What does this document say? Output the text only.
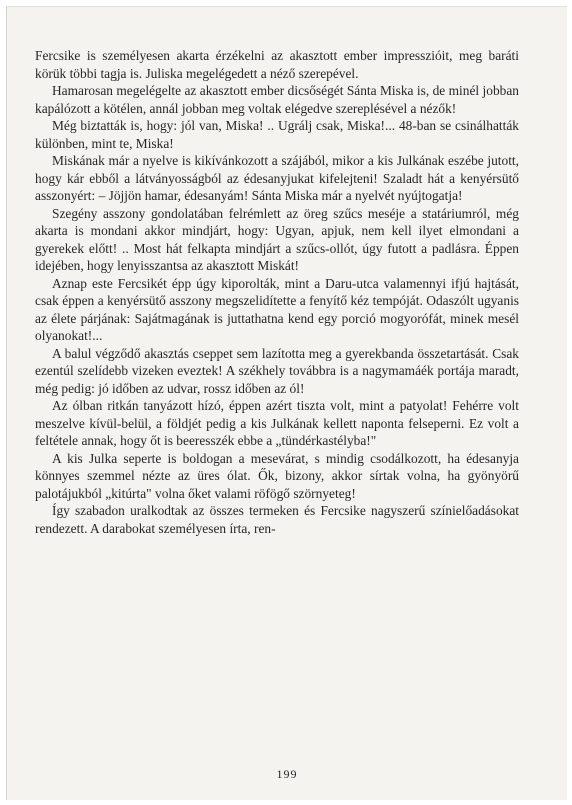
Fercsike is személyesen akarta érzékelni az akasztott ember impresszióit, meg baráti körük többi tagja is. Juliska megelégedett a néző szerepével.

Hamarosan megelégelte az akasztott ember dicsőségét Sánta Miska is, de minél jobban kapálózott a kötélen, annál jobban meg voltak elégedve szereplésével a nézők!

Még biztatták is, hogy: jól van, Miska! .. Ugrálj csak, Miska!... 48-ban se csinálhatták különben, mint te, Miska!

Miskának már a nyelve is kikívánkozott a szájából, mikor a kis Julkának eszébe jutott, hogy kár ebből a látványosságból az édesanyjukat kifelejteni! Szaladt hát a kenyérsütő asszonyért: – Jöjjön hamar, édesanyám! Sánta Miska már a nyelvét nyújtogatja!

Szegény asszony gondolatában felrémlett az öreg szűcs meséje a statáriumról, még akarta is mondani akkor mindjárt, hogy: Ugyan, apjuk, nem kell ilyet elmondani a gyerekek előtt! .. Most hát felkapta mindjárt a szűcs-ollót, úgy futott a padlásra. Éppen idejében, hogy lenyisszantsa az akasztott Miskát!

Aznap este Fercsikét épp úgy kiporolták, mint a Daru-utca valamennyi ifjú hajtását, csak éppen a kenyérsütő asszony megszelidítette a fenyítő kéz tempóját. Odaszólt ugyanis az élete párjának: Sajátmagának is juttathatna kend egy porció mogyorófát, minek mesél olyanokat!...

A balul végződő akasztás cseppet sem lazította meg a gyerekbanda összetartását. Csak ezentúl szelídebb vizeken eveztek! A székhely továbbra is a nagymamáék portája maradt, még pedig: jó időben az udvar, rossz időben az ól!

Az ólban ritkán tanyázott hízó, éppen azért tiszta volt, mint a patyolat! Fehérre volt meszelve kívül-belül, a földjét pedig a kis Julkának kellett naponta felseperni. Ez volt a feltétele annak, hogy őt is beeresszék ebbe a „tündérkastélyba!"

A kis Julka seperte is boldogan a mesevárat, s mindig csodálkozott, ha édesanyja könnyes szemmel nézte az üres ólat. Ők, bizony, akkor sírtak volna, ha gyönyörű palotájukból „kitúrta" volna őket valami röfögő szörnyeteg!

Így szabadon uralkodtak az összes termeken és Fercsike nagyszerű színielőadásokat rendezett. A darabokat személyesen írta, ren-

199
